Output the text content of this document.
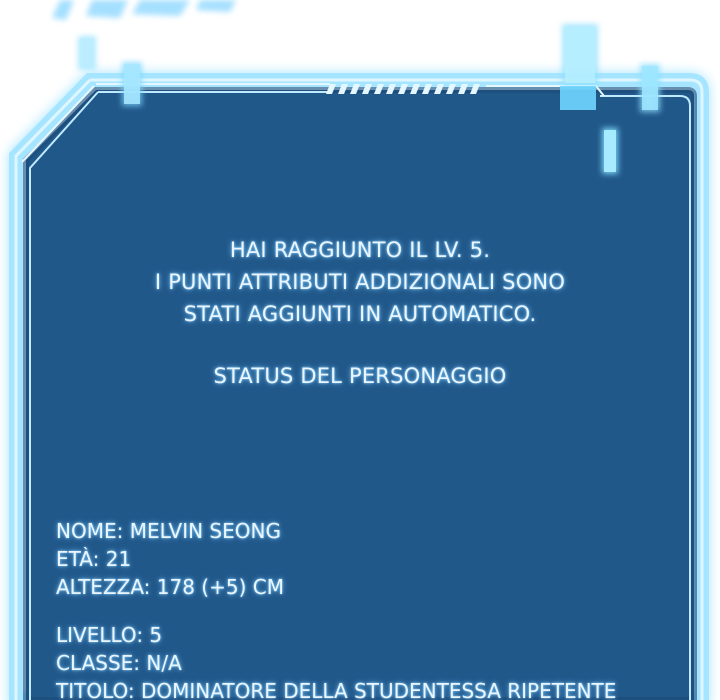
HAI RAGGIUNTO IL LV. 5.
I PUNTI ATTRIBUTI ADDIZIONALI SONO
STATI AGGIUNTI IN AUTOMATICO.
STATUS DEL PERSONAGGIO
NOME: MELVIN SEONG
ETÀ: 21
ALTEZZA: 178 (+5) CM
LIVELLO: 5
CLASSE: N/A
TITOLO: DOMINATORE DELLA STUDENTESSA RIPETENTE
